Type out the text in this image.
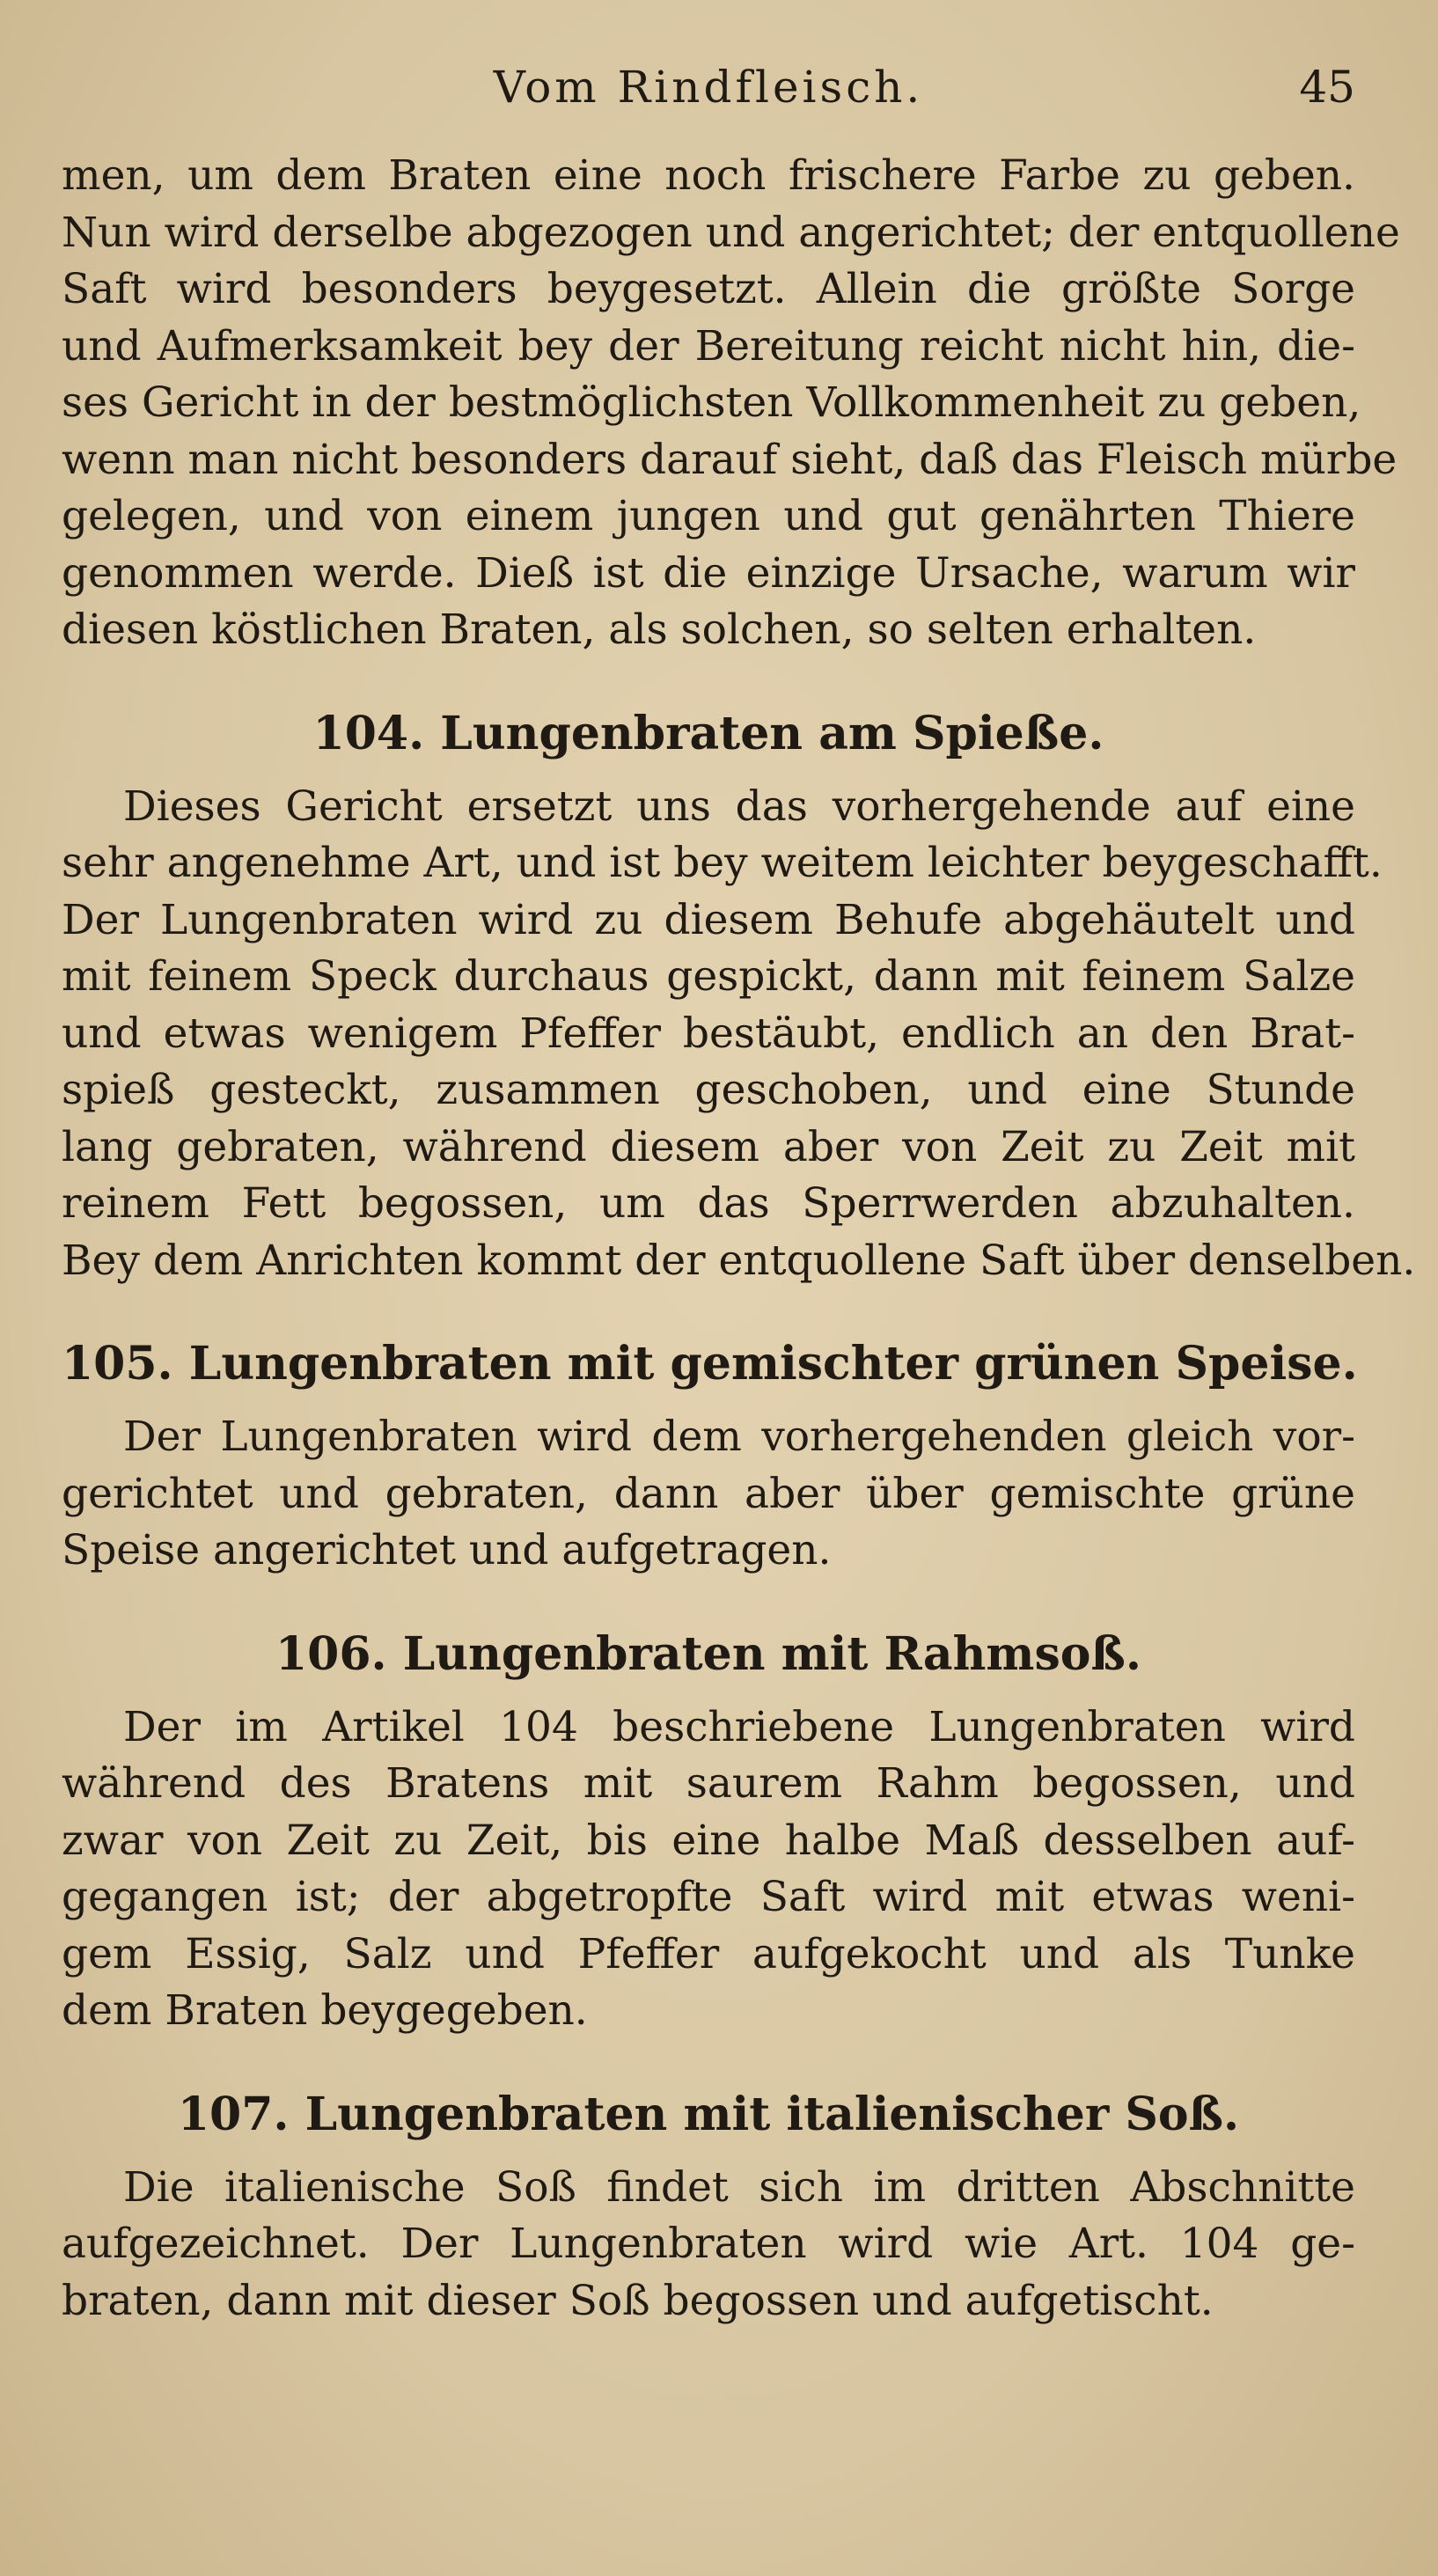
Vom Rindfleisch.	45
men, um dem Braten eine noch frischere Farbe zu geben.
Nun wird derselbe abgezogen und angerichtet; der entquollene
Saft wird besonders beygesetzt. Allein die größte Sorge
und Aufmerksamkeit bey der Bereitung reicht nicht hin, die-
ses Gericht in der bestmöglichsten Vollkommenheit zu geben,
wenn man nicht besonders darauf sieht, daß das Fleisch mürbe
gelegen, und von einem jungen und gut genährten Thiere
genommen werde. Dieß ist die einzige Ursache, warum wir
diesen köstlichen Braten, als solchen, so selten erhalten.
104. Lungenbraten am Spieße.
Dieses Gericht ersetzt uns das vorhergehende auf eine
sehr angenehme Art, und ist bey weitem leichter beygeschafft.
Der Lungenbraten wird zu diesem Behufe abgehäutelt und
mit feinem Speck durchaus gespickt, dann mit feinem Salze
und etwas wenigem Pfeffer bestäubt, endlich an den Brat-
spieß gesteckt, zusammen geschoben, und eine Stunde
lang gebraten, während diesem aber von Zeit zu Zeit mit
reinem Fett begossen, um das Sperrwerden abzuhalten.
Bey dem Anrichten kommt der entquollene Saft über denselben.
105. Lungenbraten mit gemischter grünen Speise.
Der Lungenbraten wird dem vorhergehenden gleich vor-
gerichtet und gebraten, dann aber über gemischte grüne
Speise angerichtet und aufgetragen.
106. Lungenbraten mit Rahmsoß.
Der im Artikel 104 beschriebene Lungenbraten wird
während des Bratens mit saurem Rahm begossen, und
zwar von Zeit zu Zeit, bis eine halbe Maß desselben auf-
gegangen ist; der abgetropfte Saft wird mit etwas weni-
gem Essig, Salz und Pfeffer aufgekocht und als Tunke
dem Braten beygegeben.
107. Lungenbraten mit italienischer Soß.
Die italienische Soß findet sich im dritten Abschnitte
aufgezeichnet. Der Lungenbraten wird wie Art. 104 ge-
braten, dann mit dieser Soß begossen und aufgetischt.
